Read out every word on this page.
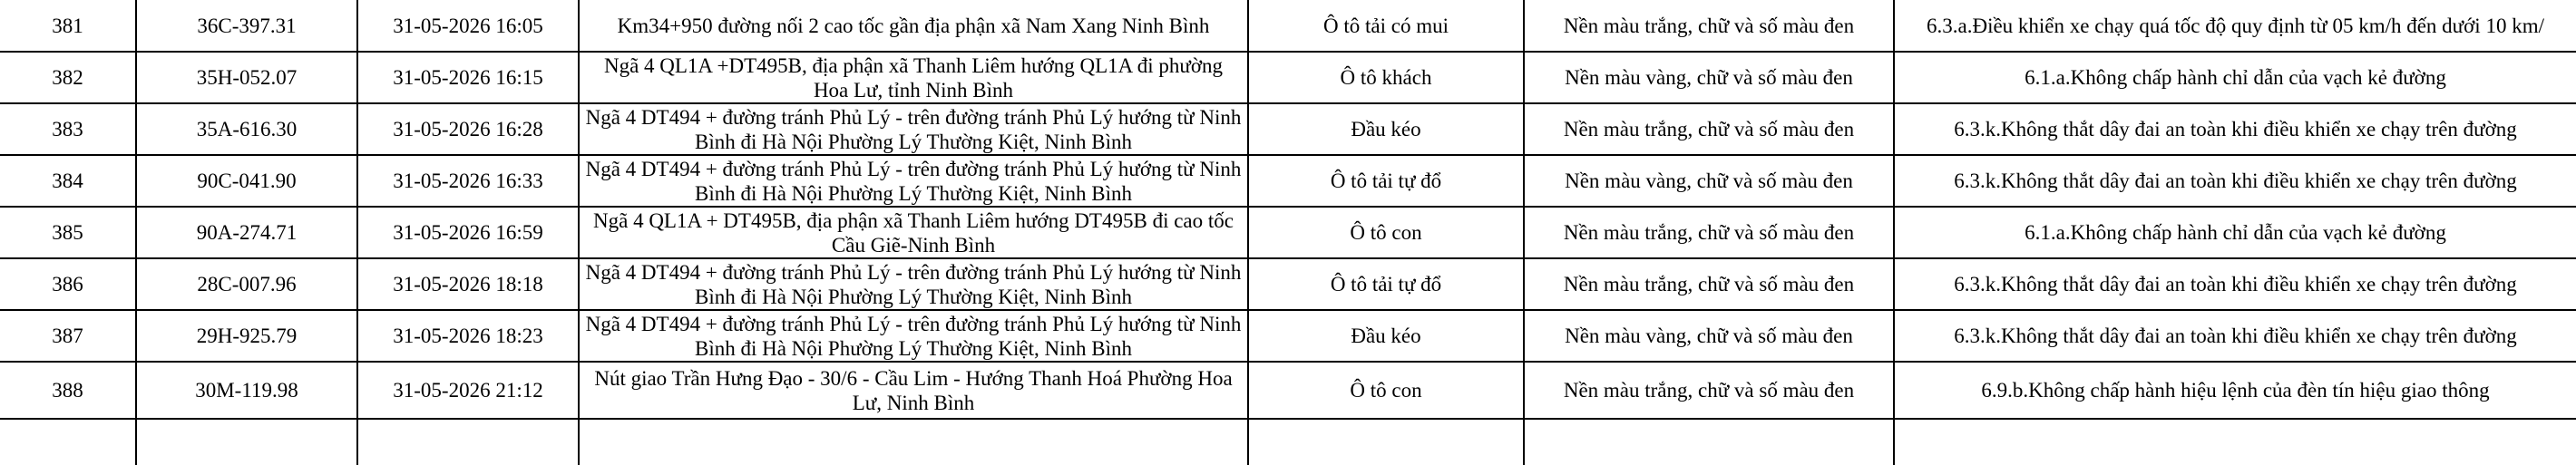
381	36C-397.31	31-05-2026 16:05	Km34+950 đường nối 2 cao tốc gần địa phận xã Nam Xang Ninh Bình	Ô tô tải có mui	Nền màu trắng, chữ và số màu đen	6.3.a.Điều khiển xe chạy quá tốc độ quy định từ 05 km/h đến dưới 10 km/
382	35H-052.07	31-05-2026 16:15	Ngã 4 QL1A +DT495B, địa phận xã Thanh Liêm hướng QL1A đi phường Hoa Lư, tỉnh Ninh Bình	Ô tô khách	Nền màu vàng, chữ và số màu đen	6.1.a.Không chấp hành chỉ dẫn của vạch kẻ đường
383	35A-616.30	31-05-2026 16:28	Ngã 4 DT494 + đường tránh Phủ Lý - trên đường tránh Phủ Lý hướng từ Ninh Bình đi Hà Nội Phường Lý Thường Kiệt, Ninh Bình	Đầu kéo	Nền màu trắng, chữ và số màu đen	6.3.k.Không thắt dây đai an toàn khi điều khiển xe chạy trên đường
384	90C-041.90	31-05-2026 16:33	Ngã 4 DT494 + đường tránh Phủ Lý - trên đường tránh Phủ Lý hướng từ Ninh Bình đi Hà Nội Phường Lý Thường Kiệt, Ninh Bình	Ô tô tải tự đổ	Nền màu vàng, chữ và số màu đen	6.3.k.Không thắt dây đai an toàn khi điều khiển xe chạy trên đường
385	90A-274.71	31-05-2026 16:59	Ngã 4 QL1A + DT495B, địa phận xã Thanh Liêm hướng DT495B đi cao tốc Cầu Giẽ-Ninh Bình	Ô tô con	Nền màu trắng, chữ và số màu đen	6.1.a.Không chấp hành chỉ dẫn của vạch kẻ đường
386	28C-007.96	31-05-2026 18:18	Ngã 4 DT494 + đường tránh Phủ Lý - trên đường tránh Phủ Lý hướng từ Ninh Bình đi Hà Nội Phường Lý Thường Kiệt, Ninh Bình	Ô tô tải tự đổ	Nền màu trắng, chữ và số màu đen	6.3.k.Không thắt dây đai an toàn khi điều khiển xe chạy trên đường
387	29H-925.79	31-05-2026 18:23	Ngã 4 DT494 + đường tránh Phủ Lý - trên đường tránh Phủ Lý hướng từ Ninh Bình đi Hà Nội Phường Lý Thường Kiệt, Ninh Bình	Đầu kéo	Nền màu vàng, chữ và số màu đen	6.3.k.Không thắt dây đai an toàn khi điều khiển xe chạy trên đường
388	30M-119.98	31-05-2026 21:12	Nút giao Trần Hưng Đạo - 30/6 - Cầu Lim - Hướng Thanh Hoá Phường Hoa Lư, Ninh Bình	Ô tô con	Nền màu trắng, chữ và số màu đen	6.9.b.Không chấp hành hiệu lệnh của đèn tín hiệu giao thông
